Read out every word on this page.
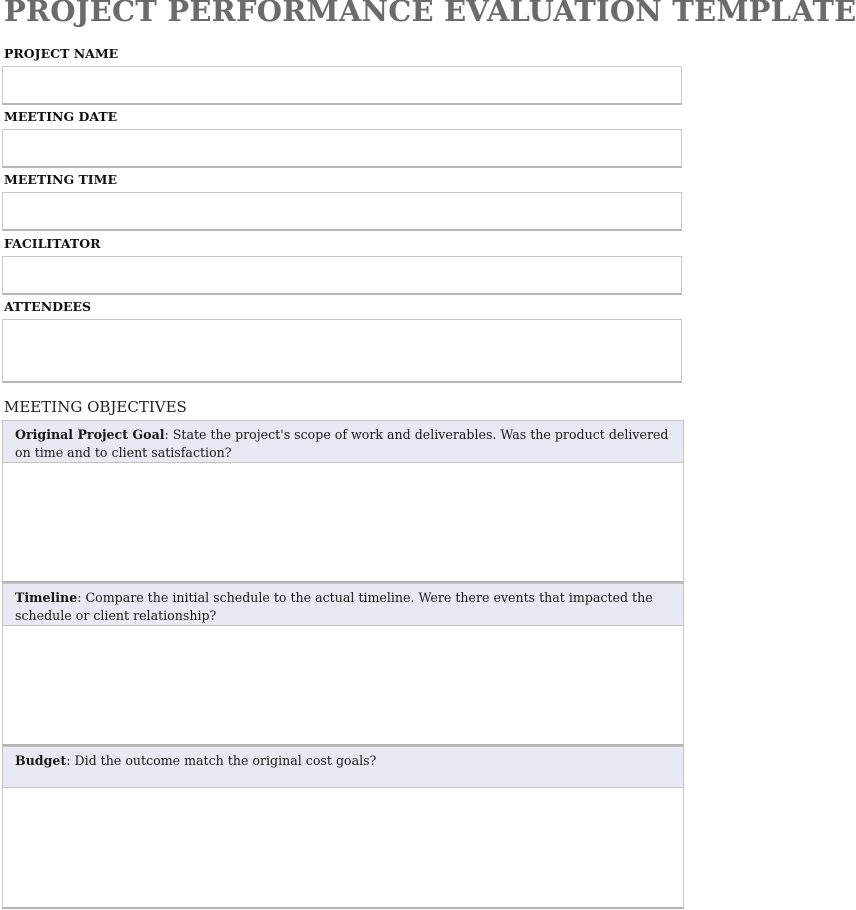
PROJECT PERFORMANCE EVALUATION TEMPLATE
PROJECT NAME
MEETING DATE
MEETING TIME
FACILITATOR
ATTENDEES
MEETING OBJECTIVES
Original Project Goal: State the project's scope of work and deliverables. Was the product delivered on time and to client satisfaction?
Timeline: Compare the initial schedule to the actual timeline. Were there events that impacted the schedule or client relationship?
Budget: Did the outcome match the original cost goals?
